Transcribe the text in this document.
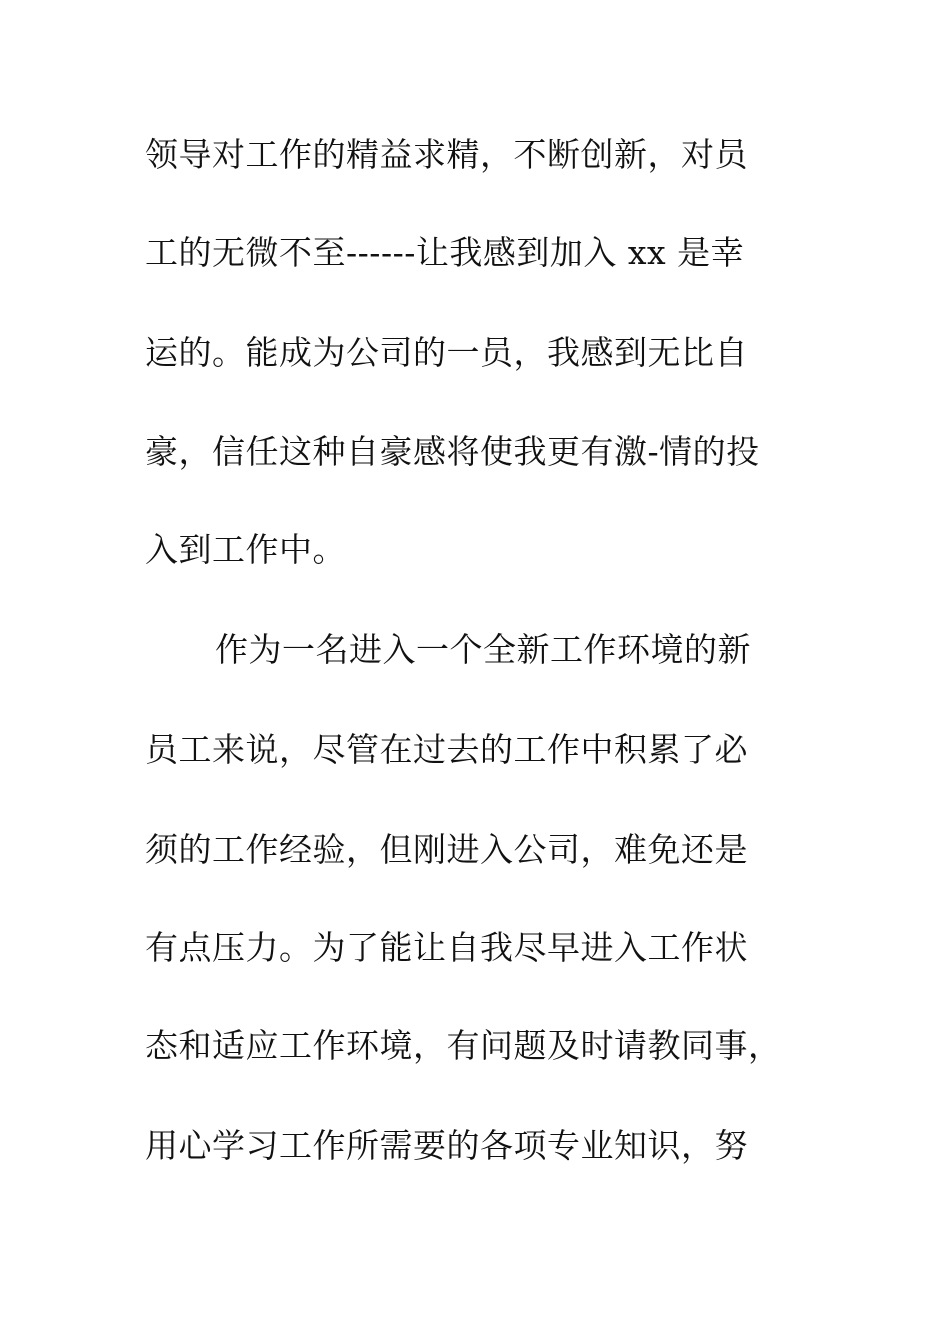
领导对工作的精益求精，不断创新，对员
工的无微不至------让我感到加入 xx 是幸
运的。能成为公司的一员，我感到无比自
豪，信任这种自豪感将使我更有激-情的投
入到工作中。
作为一名进入一个全新工作环境的新
员工来说，尽管在过去的工作中积累了必
须的工作经验，但刚进入公司，难免还是
有点压力。为了能让自我尽早进入工作状
态和适应工作环境，有问题及时请教同事，
用心学习工作所需要的各项专业知识，努
